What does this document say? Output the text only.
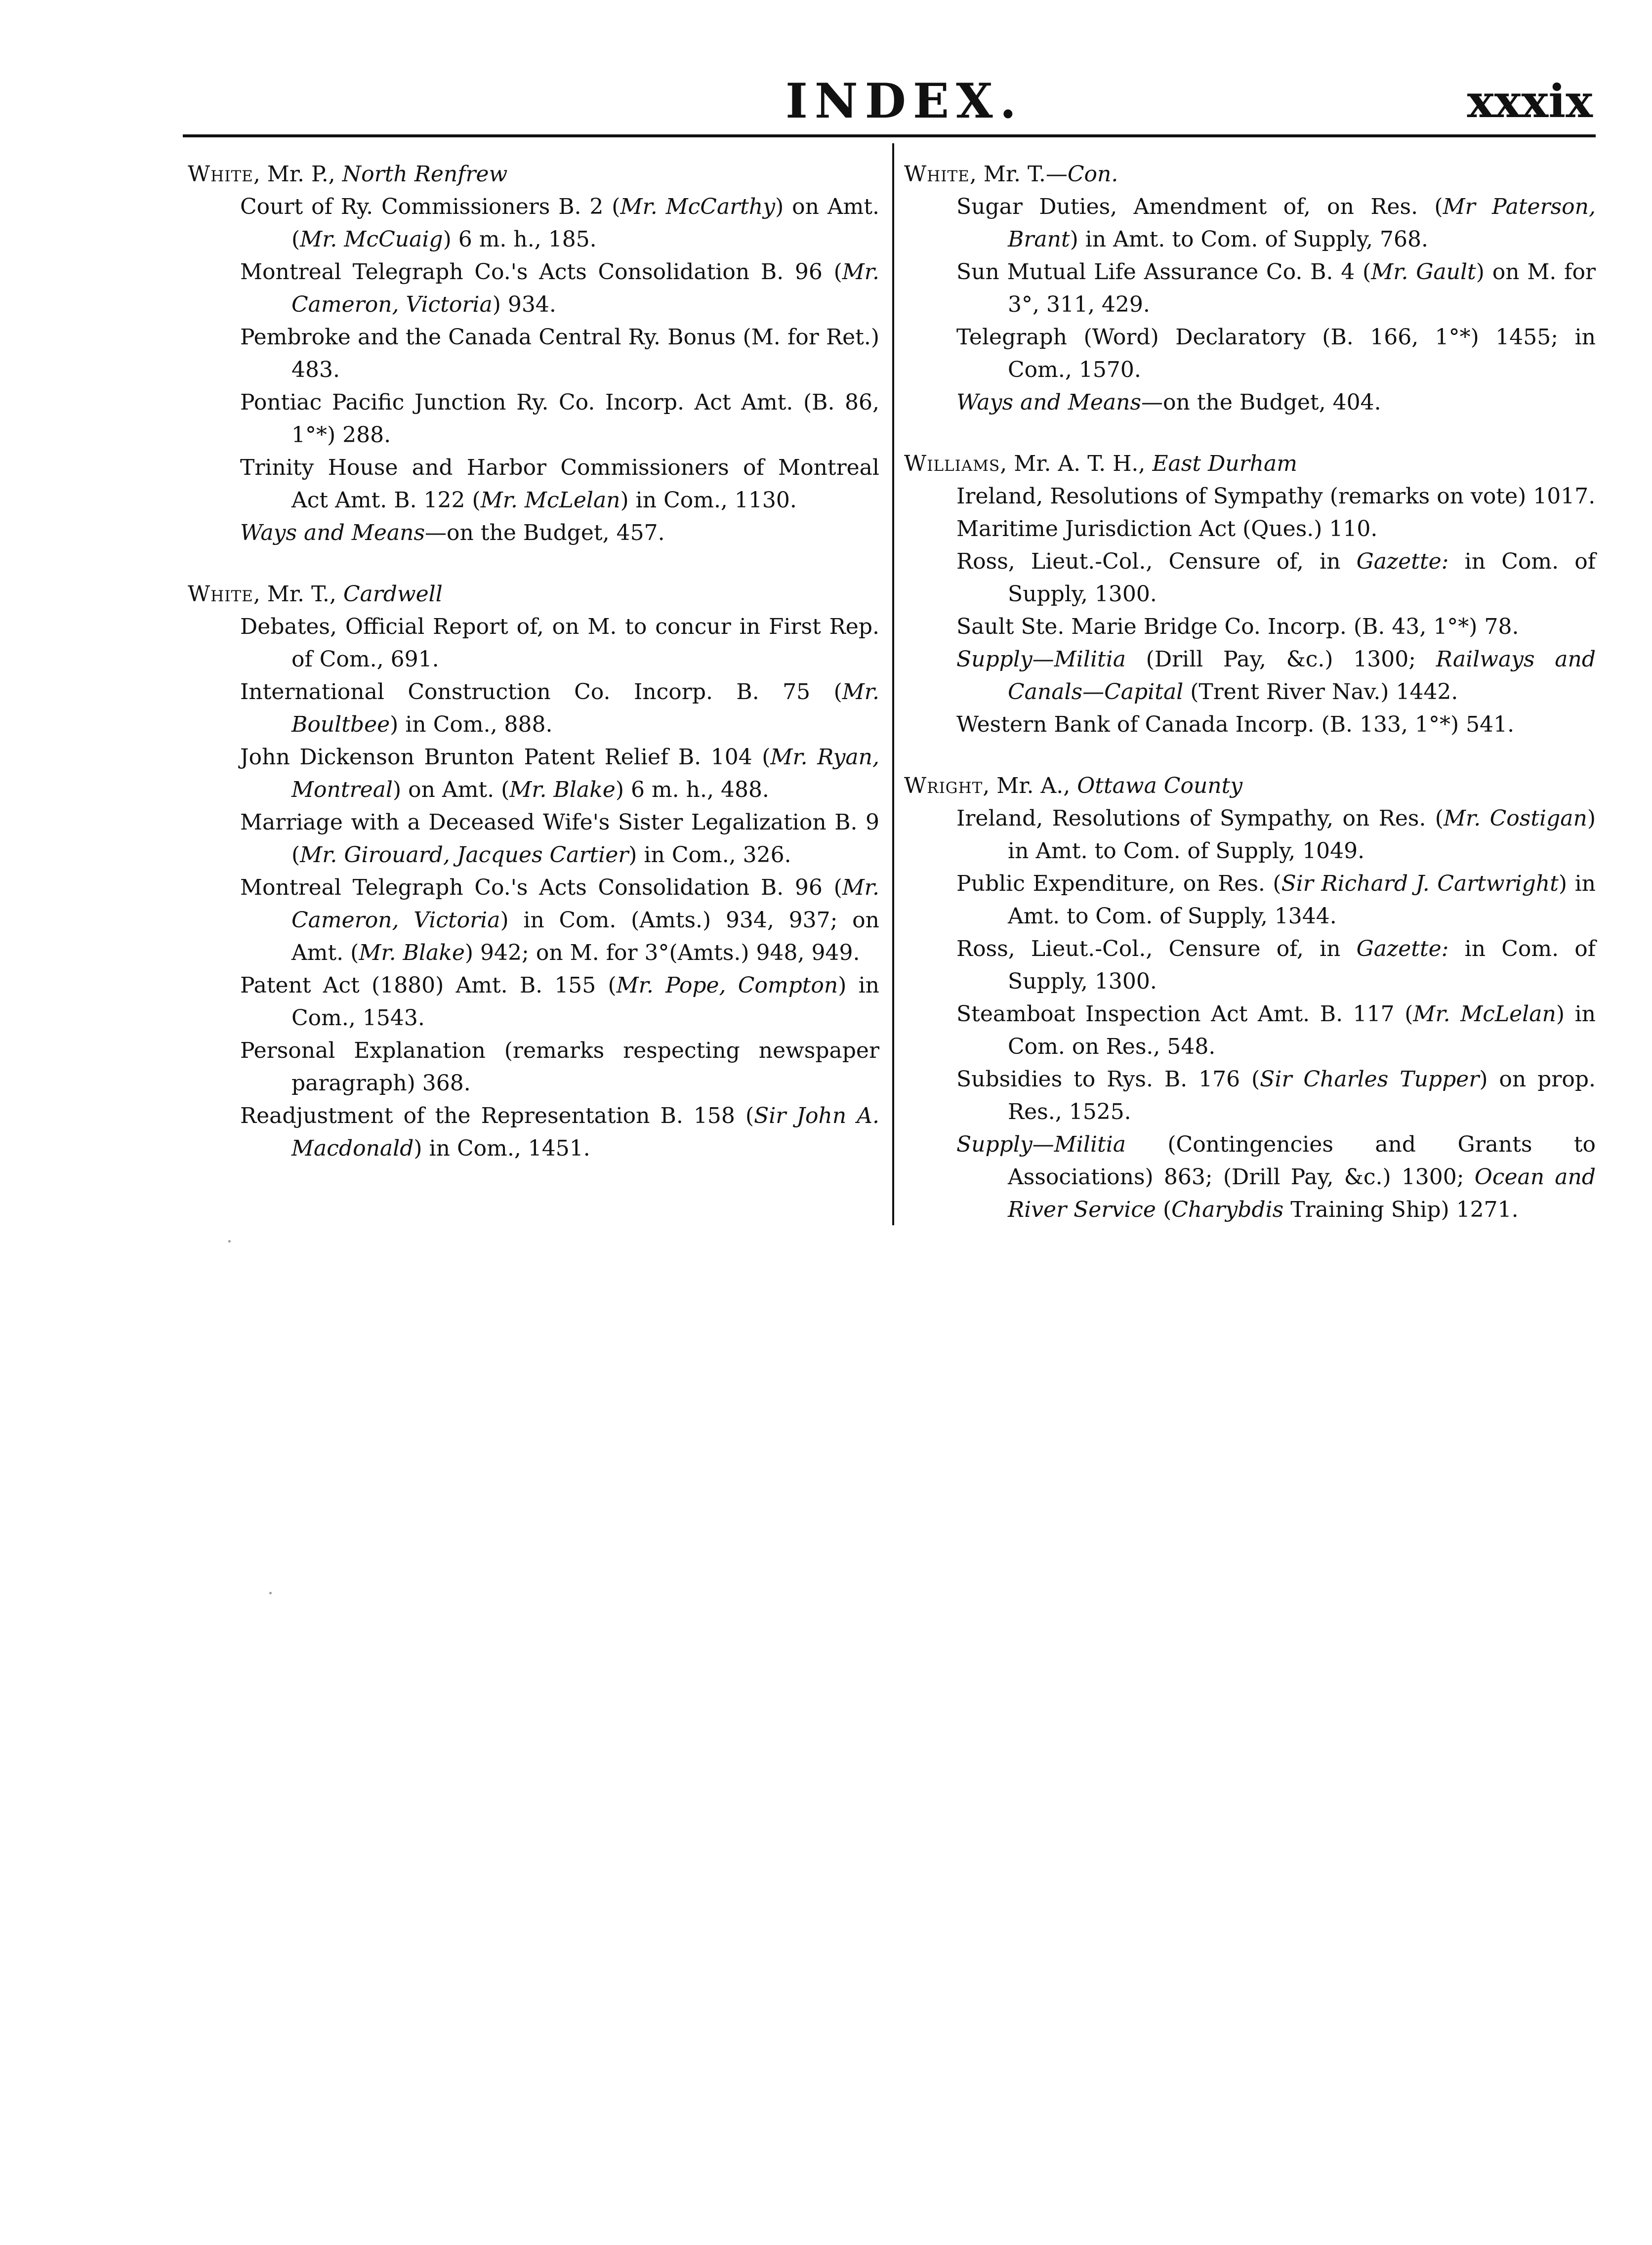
INDEX.	xxxix
White, Mr. P., North Renfrew
Court of Ry. Commissioners B. 2 (Mr. McCarthy) on Amt. (Mr. McCuaig) 6 m. h., 185.
Montreal Telegraph Co.'s Acts Consolidation B. 96 (Mr. Cameron, Victoria) 934.
Pembroke and the Canada Central Ry. Bonus (M. for Ret.) 483.
Pontiac Pacific Junction Ry. Co. Incorp. Act Amt. (B. 86, 1°*) 288.
Trinity House and Harbor Commissioners of Montreal Act Amt. B. 122 (Mr. McLelan) in Com., 1130.
Ways and Means—on the Budget, 457.
White, Mr. T., Cardwell
Debates, Official Report of, on M. to concur in First Rep. of Com., 691.
International Construction Co. Incorp. B. 75 (Mr. Boultbee) in Com., 888.
John Dickenson Brunton Patent Relief B. 104 (Mr. Ryan, Montreal) on Amt. (Mr. Blake) 6 m. h., 488.
Marriage with a Deceased Wife's Sister Legalization B. 9 (Mr. Girouard, Jacques Cartier) in Com., 326.
Montreal Telegraph Co.'s Acts Consolidation B. 96 (Mr. Cameron, Victoria) in Com. (Amts.) 934, 937; on Amt. (Mr. Blake) 942; on M. for 3°(Amts.) 948, 949.
Patent Act (1880) Amt. B. 155 (Mr. Pope, Compton) in Com., 1543.
Personal Explanation (remarks respecting newspaper paragraph) 368.
Readjustment of the Representation B. 158 (Sir John A. Macdonald) in Com., 1451.
White, Mr. T.—Con.
Sugar Duties, Amendment of, on Res. (Mr Paterson, Brant) in Amt. to Com. of Supply, 768.
Sun Mutual Life Assurance Co. B. 4 (Mr. Gault) on M. for 3°, 311, 429.
Telegraph (Word) Declaratory (B. 166, 1°*) 1455; in Com., 1570.
Ways and Means—on the Budget, 404.
Williams, Mr. A. T. H., East Durham
Ireland, Resolutions of Sympathy (remarks on vote) 1017.
Maritime Jurisdiction Act (Ques.) 110.
Ross, Lieut.-Col., Censure of, in Gazette: in Com. of Supply, 1300.
Sault Ste. Marie Bridge Co. Incorp. (B. 43, 1°*) 78.
Supply—Militia (Drill Pay, &c.) 1300; Railways and Canals—Capital (Trent River Nav.) 1442.
Western Bank of Canada Incorp. (B. 133, 1°*) 541.
Wright, Mr. A., Ottawa County
Ireland, Resolutions of Sympathy, on Res. (Mr. Costigan) in Amt. to Com. of Supply, 1049.
Public Expenditure, on Res. (Sir Richard J. Cartwright) in Amt. to Com. of Supply, 1344.
Ross, Lieut.-Col., Censure of, in Gazette: in Com. of Supply, 1300.
Steamboat Inspection Act Amt. B. 117 (Mr. McLelan) in Com. on Res., 548.
Subsidies to Rys. B. 176 (Sir Charles Tupper) on prop. Res., 1525.
Supply—Militia (Contingencies and Grants to Associations) 863; (Drill Pay, &c.) 1300; Ocean and River Service (Charybdis Training Ship) 1271.
